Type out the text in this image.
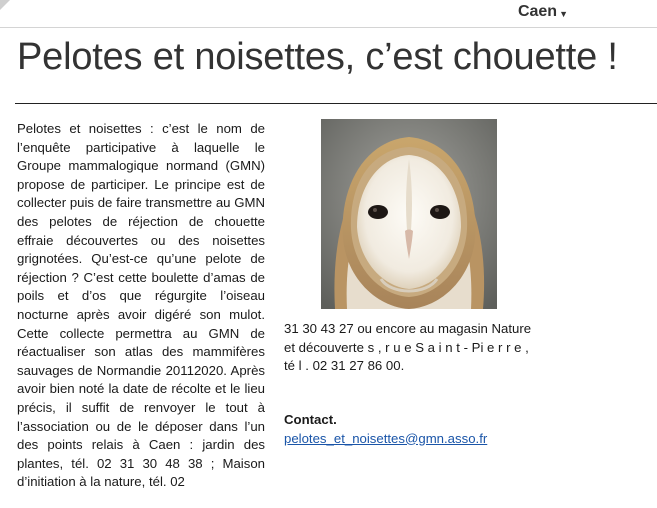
Caen ▼
Pelotes et noisettes, c’est chouette !
Pelotes et noisettes : c’est le nom de l’enquête participative à laquelle le Groupe mammalogique normand (GMN) propose de participer. Le principe est de collecter puis de faire transmettre au GMN des pelotes de réjection de chouette effraie découvertes ou des noisettes grignotées. Qu’est-ce qu’une pelote de réjection ? C’est cette boulette d’amas de poils et d’os que régurgite l’oiseau nocturne après avoir digéré son mulot. Cette collecte permettra au GMN de réactualiser son atlas des mammifères sauvages de Normandie 20112020. Après avoir bien noté la date de récolte et le lieu précis, il suffit de renvoyer le tout à l’association ou de le déposer dans l’un des points relais à Caen : jardin des plantes, tél. 02 31 30 48 38 ; Maison d’initiation à la nature, tél. 02

31 30 43 27 ou encore au magasin Nature et découverte s , r u e S a i n t - Pi e r r e , té l . 02 31 27 86 00.

Contact.
pelotes_et_noisettes@gmn.asso.fr
